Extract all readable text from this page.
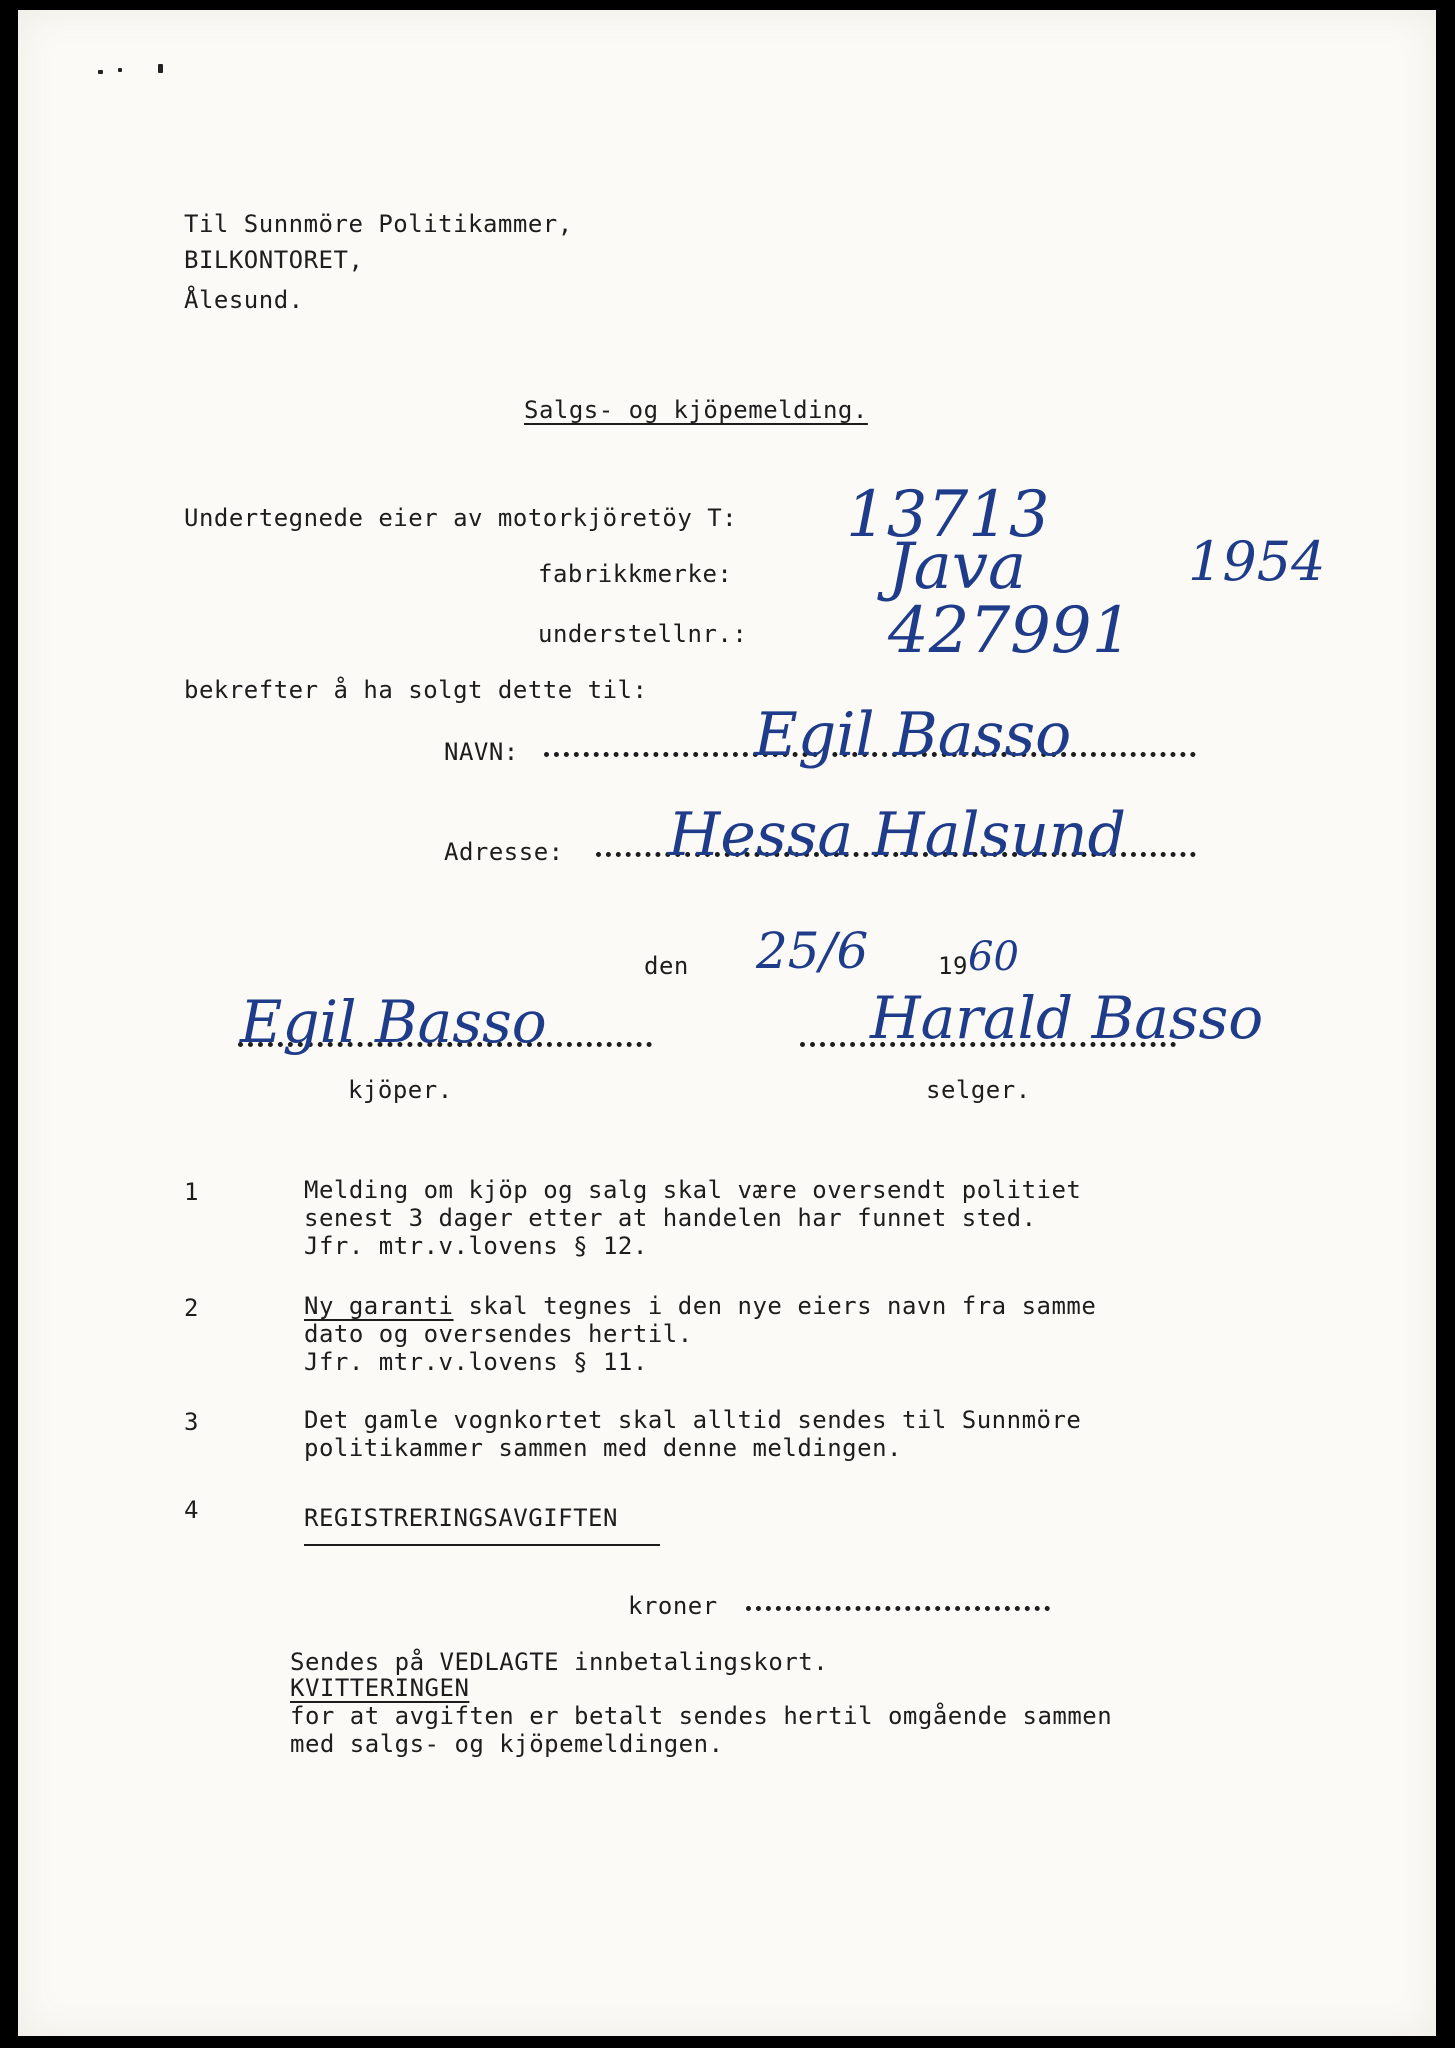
Til Sunnmöre Politikammer,
BILKONTORET,
Ålesund.
Salgs- og kjöpemelding.
Undertegnede eier av motorkjöretöy T: 13713
fabrikkmerke: Java	1954
understellnr.: 427991
bekrefter å ha solgt dette til:
NAVN:	Egil Basso
Adresse: Hessa Halsund
den 25/6	19 60
Egil Basso
kjöper.
Harald Basso
selger.
1	Melding om kjöp og salg skal være oversendt politiet
senest 3 dager etter at handelen har funnet sted.
Jfr. mtr.v.lovens § 12.
2	Ny garanti skal tegnes i den nye eiers navn fra samme
dato og oversendes hertil.
Jfr. mtr.v.lovens § 11.
3	Det gamle vognkortet skal alltid sendes til Sunnmöre
politikammer sammen med denne meldingen.
4	REGISTRERINGSAVGIFTEN
kroner
Sendes på VEDLAGTE innbetalingskort.
KVITTERINGEN
for at avgiften er betalt sendes hertil omgående sammen
med salgs- og kjöpemeldingen.
